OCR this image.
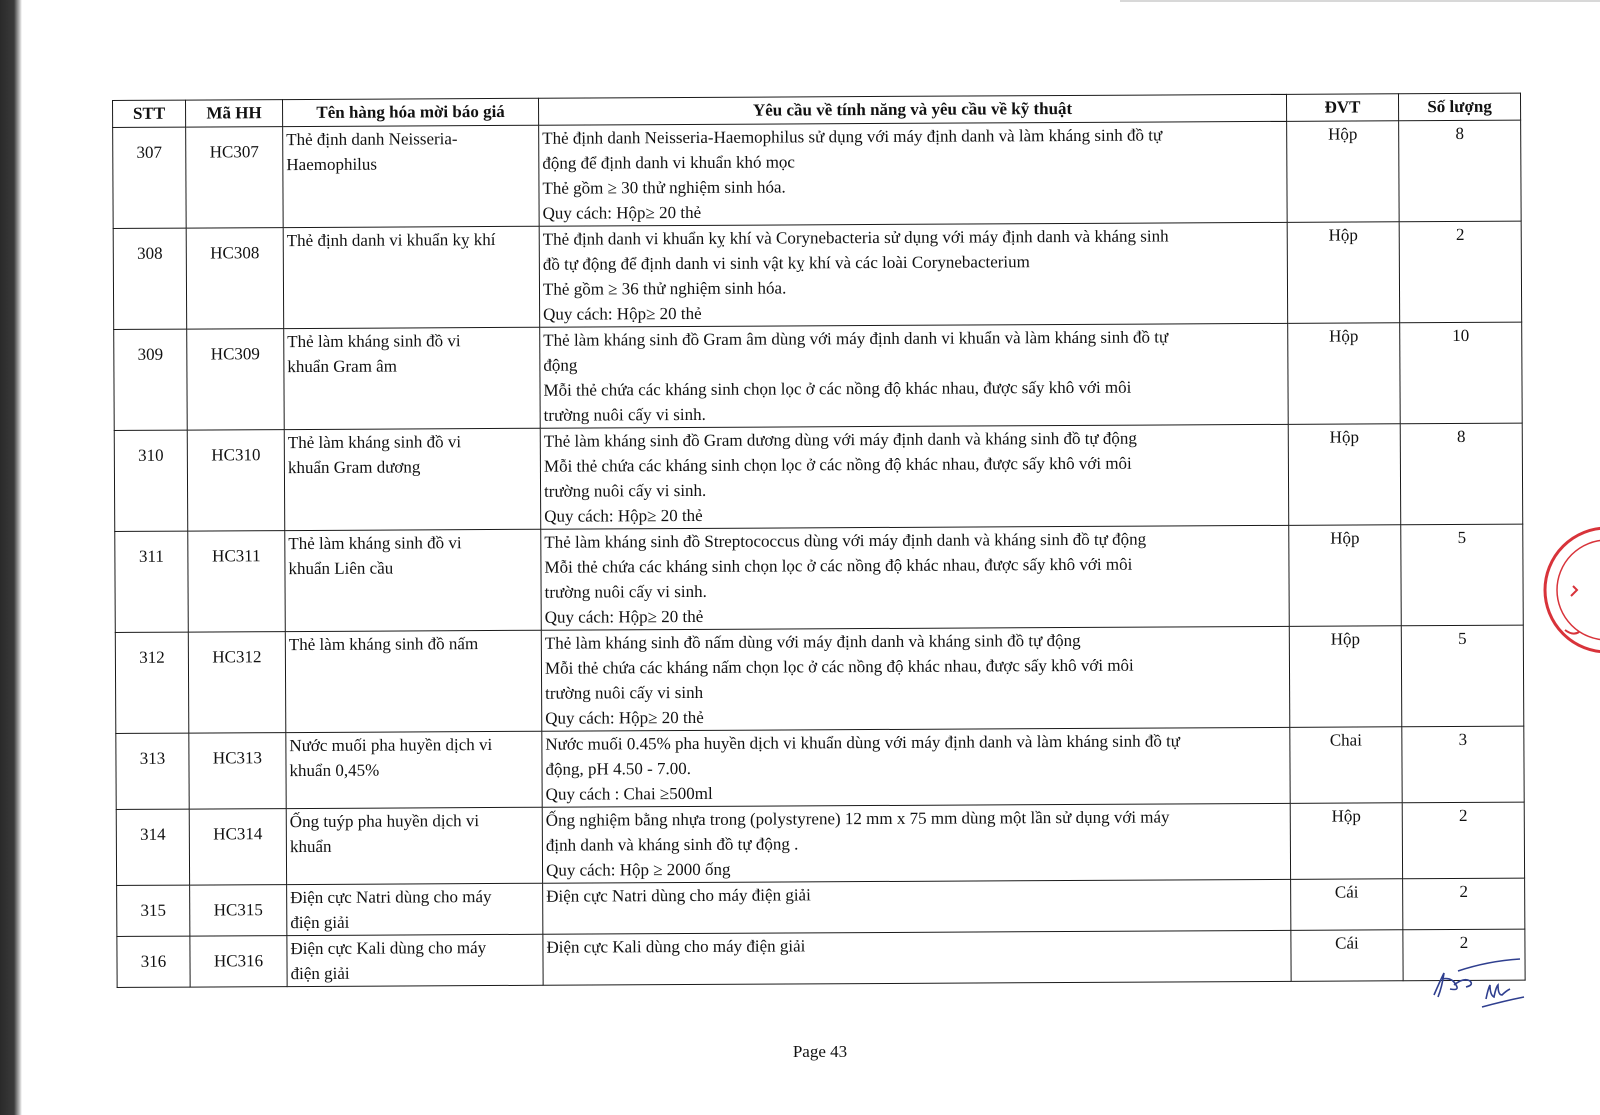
STT	Mã HH	Tên hàng hóa mời báo giá	Yêu cầu về tính năng và yêu cầu về kỹ thuật	ĐVT	Số lượng
307	HC307	Thẻ định danh Neisseria-
Haemophilus	Thẻ định danh Neisseria-Haemophilus sử dụng với máy định danh và làm kháng sinh đồ tự
động để định danh vi khuẩn khó mọc
Thẻ gồm ≥ 30 thử nghiệm sinh hóa.
Quy cách: Hộp≥ 20 thẻ	Hộp	8
308	HC308	Thẻ định danh vi khuẩn kỵ khí	Thẻ định danh vi khuẩn kỵ khí và Corynebacteria sử dụng với máy định danh và kháng sinh
đồ tự động để định danh vi sinh vật kỵ khí và các loài Corynebacterium
Thẻ gồm ≥ 36 thử nghiệm sinh hóa.
Quy cách: Hộp≥ 20 thẻ	Hộp	2
309	HC309	Thẻ làm kháng sinh đồ vi
khuẩn Gram âm	Thẻ làm kháng sinh đồ Gram âm dùng với máy định danh vi khuẩn và làm kháng sinh đồ tự
động
Mỗi thẻ chứa các kháng sinh chọn lọc ở các nồng độ khác nhau, được sấy khô với môi
trường nuôi cấy vi sinh.	Hộp	10
310	HC310	Thẻ làm kháng sinh đồ vi
khuẩn Gram dương	Thẻ làm kháng sinh đồ Gram dương dùng với máy định danh và kháng sinh đồ tự động
Mỗi thẻ chứa các kháng sinh chọn lọc ở các nồng độ khác nhau, được sấy khô với môi
trường nuôi cấy vi sinh.
Quy cách: Hộp≥ 20 thẻ	Hộp	8
311	HC311	Thẻ làm kháng sinh đồ vi
khuẩn Liên cầu	Thẻ làm kháng sinh đồ Streptococcus dùng với máy định danh và kháng sinh đồ tự động
Mỗi thẻ chứa các kháng sinh chọn lọc ở các nồng độ khác nhau, được sấy khô với môi
trường nuôi cấy vi sinh.
Quy cách: Hộp≥ 20 thẻ	Hộp	5
312	HC312	Thẻ làm kháng sinh đồ nấm	Thẻ làm kháng sinh đồ nấm dùng với máy định danh và kháng sinh đồ tự động
Mỗi thẻ chứa các kháng nấm chọn lọc ở các nồng độ khác nhau, được sấy khô với môi
trường nuôi cấy vi sinh
Quy cách: Hộp≥ 20 thẻ	Hộp	5
313	HC313	Nước muối pha huyền dịch vi
khuẩn 0,45%	Nước muối 0.45% pha huyền dịch vi khuẩn dùng với máy định danh và làm kháng sinh đồ tự
động, pH 4.50 - 7.00.
Quy cách : Chai ≥500ml	Chai	3
314	HC314	Ống tuýp pha huyền dịch vi
khuẩn	Ống nghiệm bằng nhựa trong (polystyrene) 12 mm x 75 mm dùng một lần sử dụng với máy
định danh và kháng sinh đồ tự động .
Quy cách: Hộp ≥ 2000 ống	Hộp	2
315	HC315	Điện cực Natri dùng cho máy
điện giải	Điện cực Natri dùng cho máy điện giải	Cái	2
316	HC316	Điện cực Kali dùng cho máy
điện giải	Điện cực Kali dùng cho máy điện giải	Cái	2
Page 43
